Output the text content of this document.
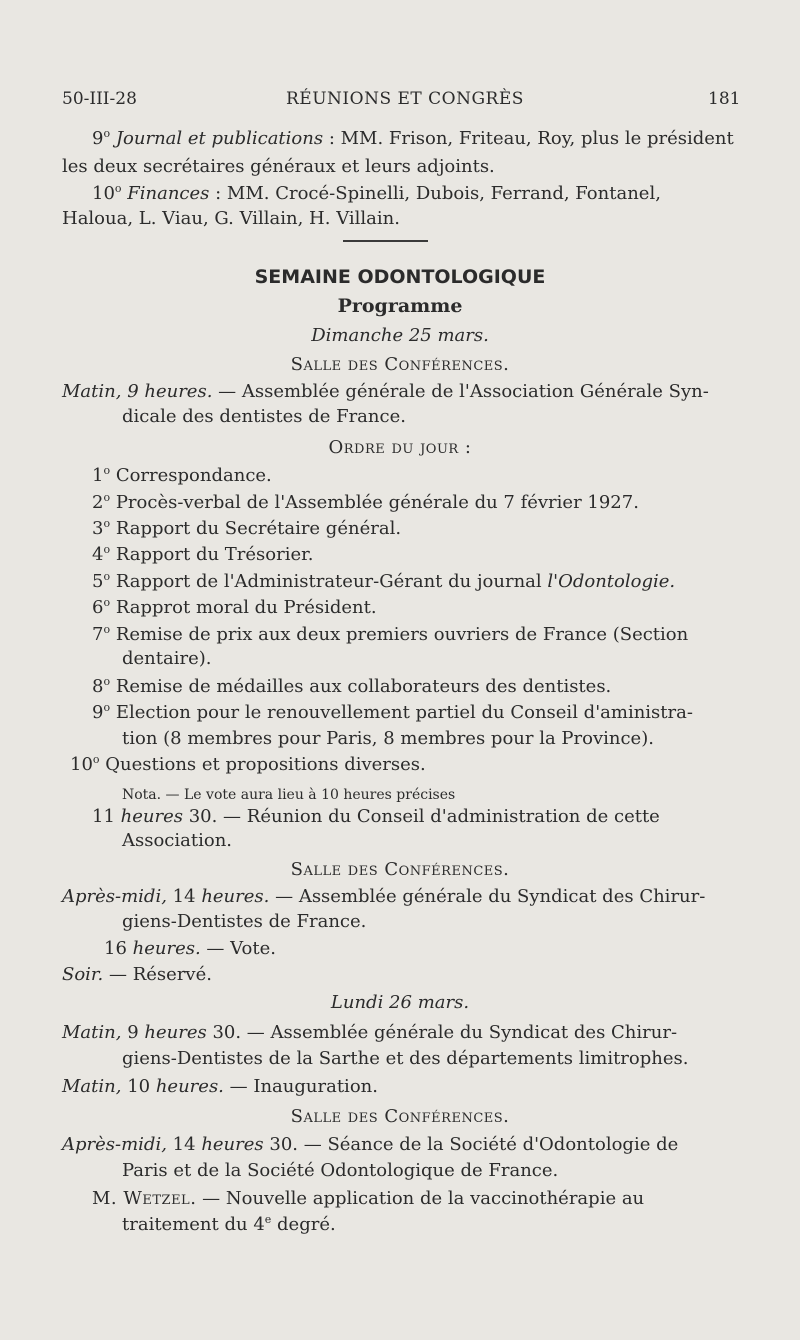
50-III-28	RÉUNIONS ET CONGRÈS	181
9$^o$ Journal et publications : MM. Frison, Friteau, Roy, plus le président
les deux secrétaires généraux et leurs adjoints.
10$^o$ Finances : MM. Crocé-Spinelli, Dubois, Ferrand, Fontanel,
Haloua, L. Viau, G. Villain, H. Villain.
SEMAINE ODONTOLOGIQUE
Programme
Dimanche 25 mars.
Salle des Conférences.
Matin, 9 heures. — Assemblée générale de l'Association Générale Syn-
dicale des dentistes de France.
Ordre du jour :
1$^o$ Correspondance.
2$^o$ Procès-verbal de l'Assemblée générale du 7 février 1927.
3$^o$ Rapport du Secrétaire général.
4$^o$ Rapport du Trésorier.
5$^o$ Rapport de l'Administrateur-Gérant du journal l'Odontologie.
6$^o$ Rapprot moral du Président.
7$^o$ Remise de prix aux deux premiers ouvriers de France (Section
dentaire).
8$^o$ Remise de médailles aux collaborateurs des dentistes.
9$^o$ Election pour le renouvellement partiel du Conseil d'aministra-
tion (8 membres pour Paris, 8 membres pour la Province).
10$^o$ Questions et propositions diverses.
Nota. — Le vote aura lieu à 10 heures précises
11 heures 30. — Réunion du Conseil d'administration de cette
Association.
Salle des Conférences.
Après-midi, 14 heures. — Assemblée générale du Syndicat des Chirur-
giens-Dentistes de France.
16 heures. — Vote.
Soir. — Réservé.
Lundi 26 mars.
Matin, 9 heures 30. — Assemblée générale du Syndicat des Chirur-
giens-Dentistes de la Sarthe et des départements limitrophes.
Matin, 10 heures. — Inauguration.
Salle des Conférences.
Après-midi, 14 heures 30. — Séance de la Société d'Odontologie de
Paris et de la Société Odontologique de France.
M. Wetzel. — Nouvelle application de la vaccinothérapie au
traitement du 4e degré.
